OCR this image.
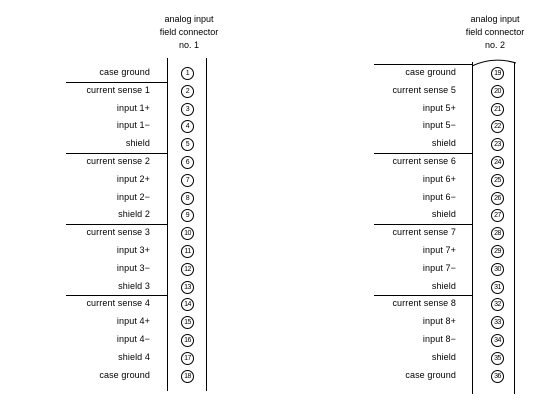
analog input
field connector
no. 1
case ground	1
current sense 1	2
input 1+	3
input 1−	4
shield	5
current sense 2	6
input 2+	7
input 2−	8
shield 2	9
current sense 3	10
input 3+	11
input 3−	12
shield 3	13
current sense 4	14
input 4+	15
input 4−	16
shield 4	17
case ground	18
analog input
field connector
no. 2
case ground	19
current sense 5	20
input 5+	21
input 5−	22
shield	23
current sense 6	24
input 6+	25
input 6−	26
shield	27
current sense 7	28
input 7+	29
input 7−	30
shield	31
current sense 8	32
input 8+	33
input 8−	34
shield	35
case ground	36
